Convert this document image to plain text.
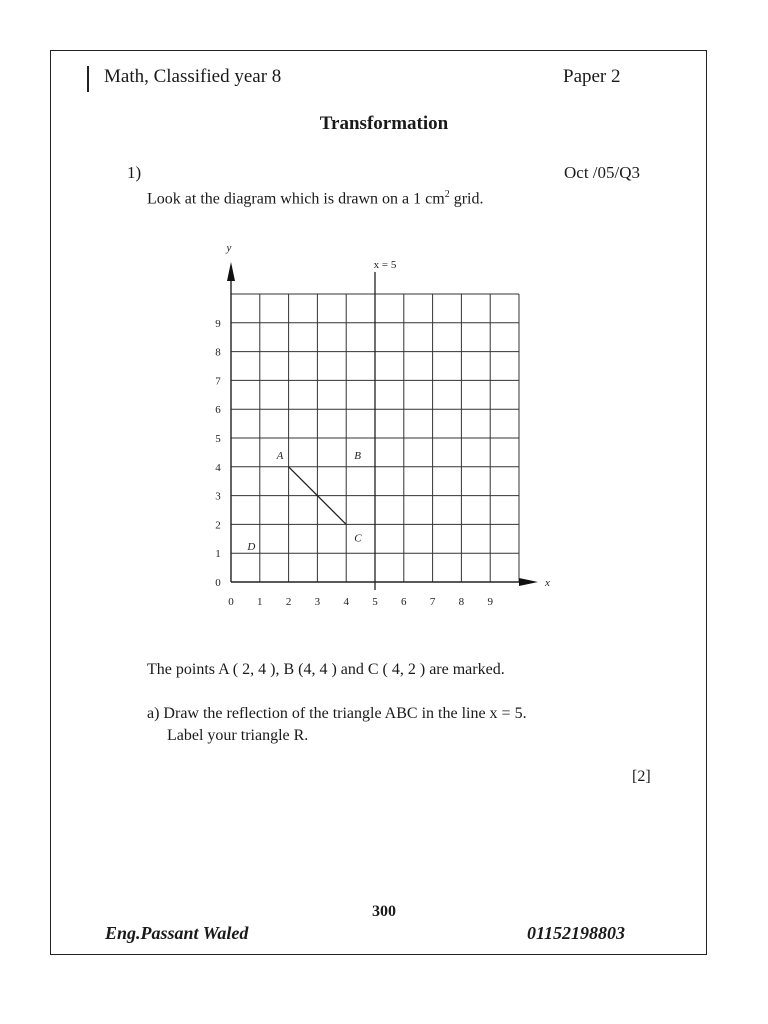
Math, Classified year 8	Paper 2
Transformation
1)	Oct /05/Q3
Look at the diagram which is drawn on a 1 $cm^2$ grid.
0 1 2 3 4 5 6 7 8 9
0
1
2
3
4
5
6
7
8
9
x
y
x = 5
A	B
C
D
The points A ( 2, 4 ), B (4, 4 ) and C ( 4, 2 ) are marked.
a) Draw the reflection of the triangle ABC in the line x = 5.
Label your triangle R.
[2]
300
Eng.Passant Waled	01152198803
